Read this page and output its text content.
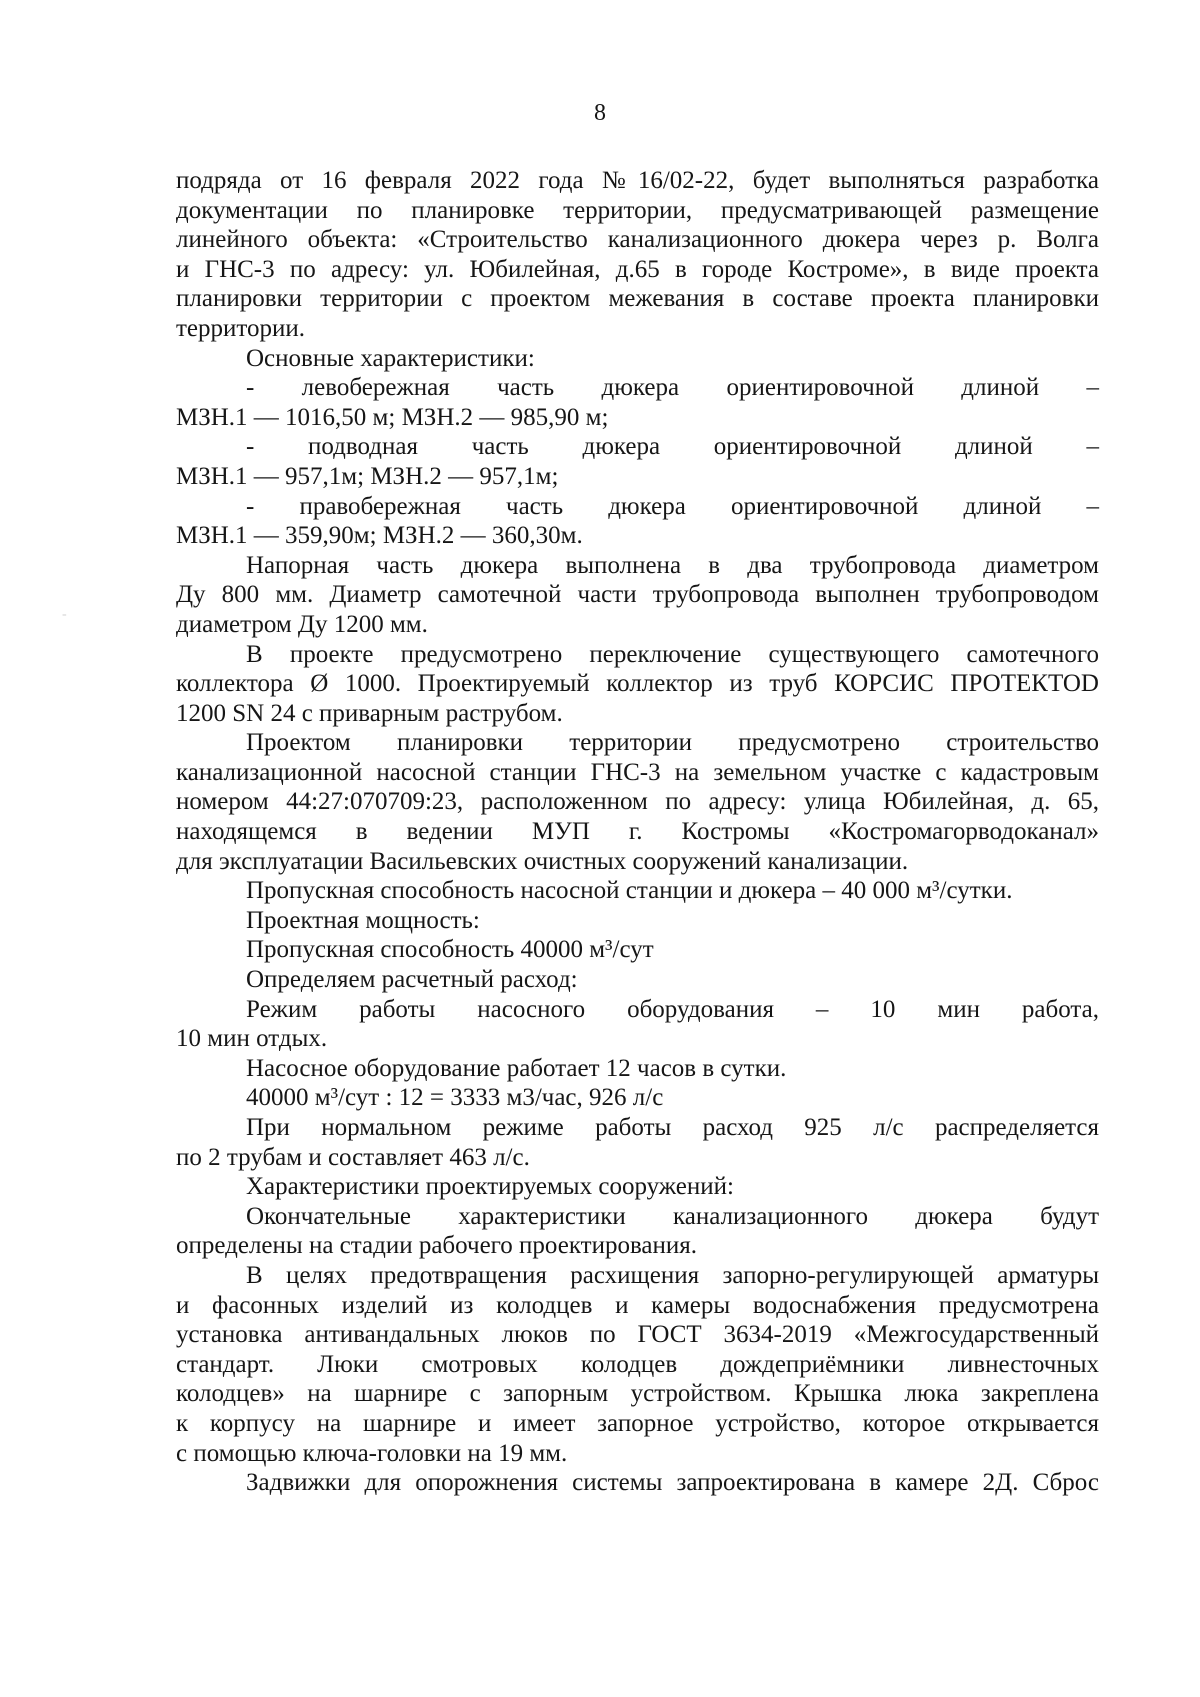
8
-

подряда от 16 февраля 2022 года №16/02-22, будет выполняться разработка

документации по планировке территории, предусматривающей размещение

линейного объекта: «Строительство канализационного дюкера через р. Волга

и ГНС-3 по адресу: ул. Юбилейная, д.65 в городе Костроме», в виде проекта

планировки территории с проектом межевания в составе проекта планировки

территории.

Основные характеристики:

- левобережная часть дюкера ориентировочной длиной –

МЗН.1 — 1016,50 м; МЗН.2 — 985,90 м;

- подводная часть дюкера ориентировочной длиной –

МЗН.1 — 957,1м; МЗН.2 — 957,1м;

- правобережная часть дюкера ориентировочной длиной –

МЗН.1 — 359,90м; МЗН.2 — 360,30м.

Напорная часть дюкера выполнена в два трубопровода диаметром

Ду 800 мм. Диаметр самотечной части трубопровода выполнен трубопроводом

диаметром Ду 1200 мм.

В проекте предусмотрено переключение существующего самотечного

коллектора Ø 1000. Проектируемый коллектор из труб КОРСИС ПРОТЕКТОD

1200 SN 24 с приварным раструбом.

Проектом планировки территории предусмотрено строительство

канализационной насосной станции ГНС-3 на земельном участке с кадастровым

номером 44:27:070709:23, расположенном по адресу: улица Юбилейная, д. 65,

находящемся в ведении МУП г. Костромы «Костромагорводоканал»

для эксплуатации Васильевских очистных сооружений канализации.

Пропускная способность насосной станции и дюкера – 40 000 м³/сутки.

Проектная мощность:

Пропускная способность 40000 м³/сут

Определяем расчетный расход:

Режим работы насосного оборудования – 10 мин работа,

10 мин отдых.

Насосное оборудование работает 12 часов в сутки.

40000 м³/сут : 12 = 3333 м3/час, 926 л/с

При нормальном режиме работы расход 925 л/с распределяется

по 2 трубам и составляет 463 л/с.

Характеристики проектируемых сооружений:

Окончательные характеристики канализационного дюкера будут

определены на стадии рабочего проектирования.

В целях предотвращения расхищения запорно-регулирующей арматуры

и фасонных изделий из колодцев и камеры водоснабжения предусмотрена

установка антивандальных люков по ГОСТ 3634-2019 «Межгосударственный

стандарт. Люки смотровых колодцев дождеприёмники ливнесточных

колодцев» на шарнире с запорным устройством. Крышка люка закреплена

к корпусу на шарнире и имеет запорное устройство, которое открывается

с помощью ключа-головки на 19 мм.

Задвижки для опорожнения системы запроектирована в камере 2Д. Сброс
